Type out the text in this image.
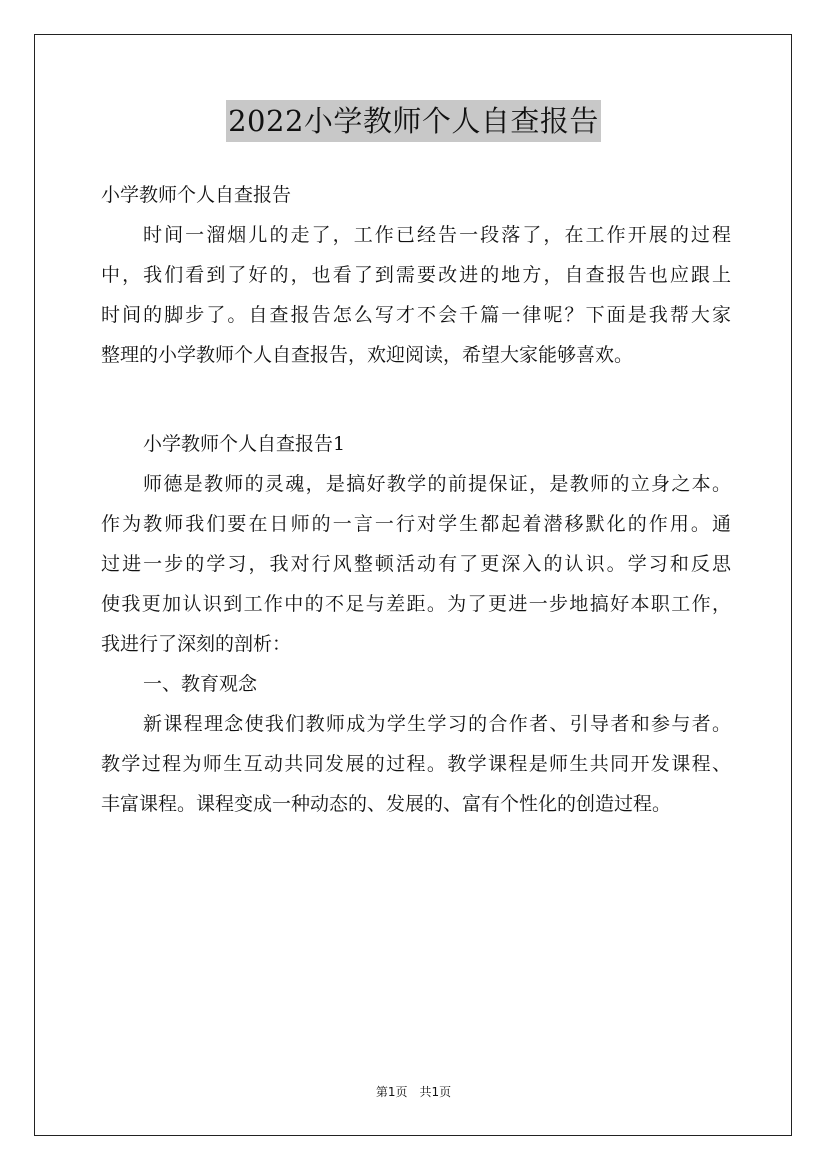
2022小学教师个人自查报告
小学教师个人自查报告
时间一溜烟儿的走了，工作已经告一段落了，在工作开展的过程
中，我们看到了好的，也看了到需要改进的地方，自查报告也应跟上
时间的脚步了。自查报告怎么写才不会千篇一律呢？下面是我帮大家
整理的小学教师个人自查报告，欢迎阅读，希望大家能够喜欢。
小学教师个人自查报告1
师德是教师的灵魂，是搞好教学的前提保证，是教师的立身之本。
作为教师我们要在日师的一言一行对学生都起着潜移默化的作用。通
过进一步的学习，我对行风整顿活动有了更深入的认识。学习和反思
使我更加认识到工作中的不足与差距。为了更进一步地搞好本职工作，
我进行了深刻的剖析：
一、教育观念
新课程理念使我们教师成为学生学习的合作者、引导者和参与者。
教学过程为师生互动共同发展的过程。教学课程是师生共同开发课程、
丰富课程。课程变成一种动态的、发展的、富有个性化的创造过程。
第1页　共1页
